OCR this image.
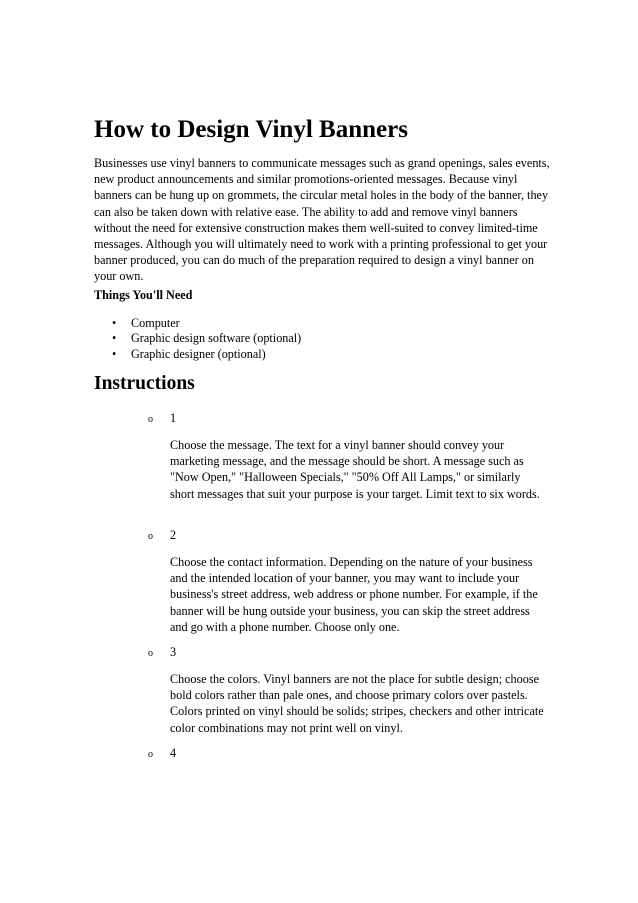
How to Design Vinyl Banners

Businesses use vinyl banners to communicate messages such as grand openings, sales events, new product announcements and similar promotions-oriented messages. Because vinyl banners can be hung up on grommets, the circular metal holes in the body of the banner, they can also be taken down with relative ease. The ability to add and remove vinyl banners without the need for extensive construction makes them well-suited to convey limited-time messages. Although you will ultimately need to work with a printing professional to get your banner produced, you can do much of the preparation required to design a vinyl banner on your own.

Things You'll Need

• Computer
• Graphic design software (optional)
• Graphic designer (optional)
Instructions
o 1

Choose the message. The text for a vinyl banner should convey your marketing message, and the message should be short. A message such as "Now Open," "Halloween Specials," "50% Off All Lamps," or similarly short messages that suit your purpose is your target. Limit text to six words.

o 2

Choose the contact information. Depending on the nature of your business and the intended location of your banner, you may want to include your business's street address, web address or phone number. For example, if the banner will be hung outside your business, you can skip the street address and go with a phone number. Choose only one.

o 3

Choose the colors. Vinyl banners are not the place for subtle design; choose bold colors rather than pale ones, and choose primary colors over pastels. Colors printed on vinyl should be solids; stripes, checkers and other intricate color combinations may not print well on vinyl.

o 4
